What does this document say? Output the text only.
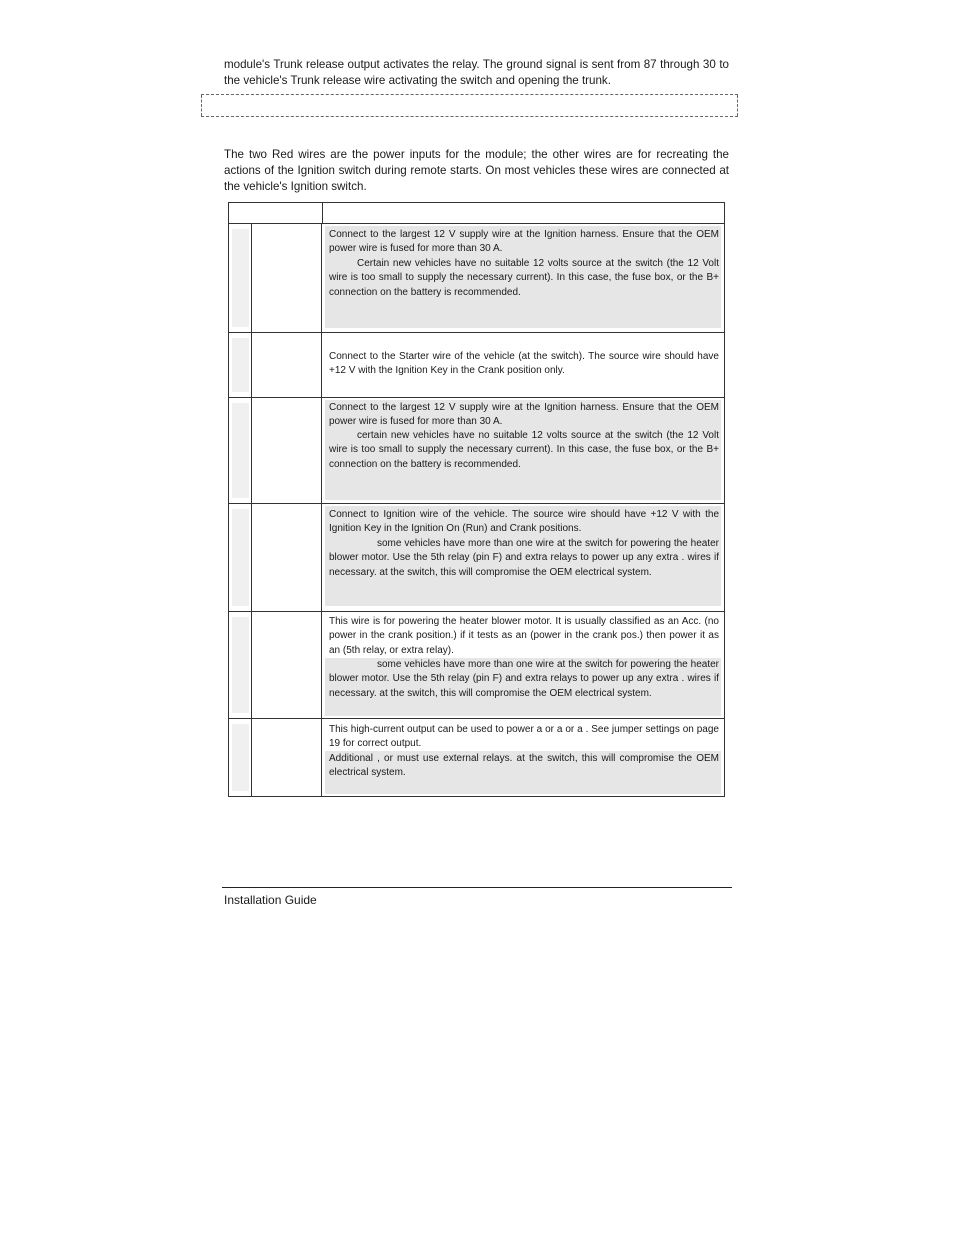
module's Trunk release output activates the relay. The ground signal is sent from 87 through 30 to the vehicle's Trunk release wire activating the switch and opening the trunk.

The two Red wires are the power inputs for the module; the other wires are for recreating the actions of the Ignition switch during remote starts. On most vehicles these wires are connected at the vehicle's Ignition switch.

Connect to the largest 12 V supply wire at the Ignition harness. Ensure that the OEM power wire is fused for more than 30 A.

Certain new vehicles have no suitable 12 volts source at the switch (the 12 Volt wire is too small to supply the necessary current). In this case, the fuse box, or the B+ connection on the battery is recommended.

Connect to the Starter wire of the vehicle (at the switch). The source wire should have +12 V with the Ignition Key in the Crank position only.

Connect to the largest 12 V supply wire at the Ignition harness. Ensure that the OEM power wire is fused for more than 30 A.

certain new vehicles have no suitable 12 volts source at the switch (the 12 Volt wire is too small to supply the necessary current). In this case, the fuse box, or the B+ connection on the battery is recommended.

Connect to Ignition wire of the vehicle. The source wire should have +12 V with the Ignition Key in the Ignition On (Run) and Crank positions.

some vehicles have more than one wire at the switch for powering the heater blower motor. Use the 5th relay (pin F) and extra relays to power up any extra . wires if necessary. at the switch, this will compromise the OEM electrical system.

This wire is for powering the heater blower motor. It is usually classified as an Acc. (no power in the crank position.) if it tests as an (power in the crank pos.) then power it as an (5th relay, or extra relay).

some vehicles have more than one wire at the switch for powering the heater blower motor. Use the 5th relay (pin F) and extra relays to power up any extra . wires if necessary. at the switch, this will compromise the OEM electrical system.

This high-current output can be used to power a or a or a . See jumper settings on page 19 for correct output.

Additional , or must use external relays. at the switch, this will compromise the OEM electrical system.

Installation Guide
